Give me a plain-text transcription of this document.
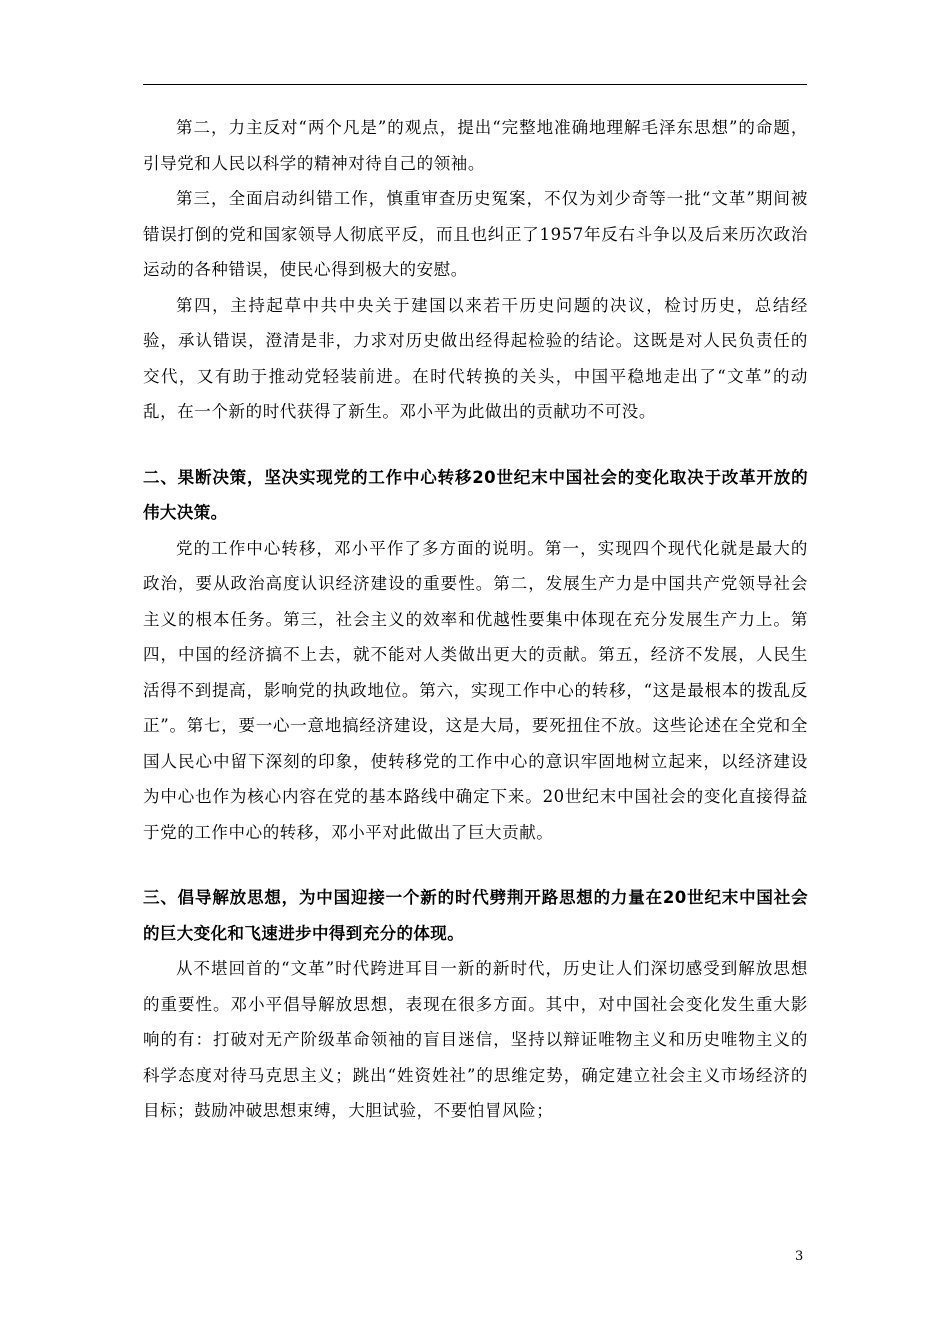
第二，力主反对“两个凡是”的观点，提出“完整地准确地理解毛泽东思想”的命题，引导党和人民以科学的精神对待自己的领袖。

第三，全面启动纠错工作，慎重审查历史冤案，不仅为刘少奇等一批“文革”期间被错误打倒的党和国家领导人彻底平反，而且也纠正了1957年反右斗争以及后来历次政治运动的各种错误，使民心得到极大的安慰。

第四，主持起草中共中央关于建国以来若干历史问题的决议，检讨历史，总结经验，承认错误，澄清是非，力求对历史做出经得起检验的结论。这既是对人民负责任的交代，又有助于推动党轻装前进。在时代转换的关头，中国平稳地走出了“文革”的动乱，在一个新的时代获得了新生。邓小平为此做出的贡献功不可没。

二、果断决策，坚决实现党的工作中心转移20世纪末中国社会的变化取决于改革开放的伟大决策。

党的工作中心转移，邓小平作了多方面的说明。第一，实现四个现代化就是最大的政治，要从政治高度认识经济建设的重要性。第二，发展生产力是中国共产党领导社会主义的根本任务。第三，社会主义的效率和优越性要集中体现在充分发展生产力上。第四，中国的经济搞不上去，就不能对人类做出更大的贡献。第五，经济不发展，人民生活得不到提高，影响党的执政地位。第六，实现工作中心的转移，“这是最根本的拨乱反正”。第七，要一心一意地搞经济建设，这是大局，要死扭住不放。这些论述在全党和全国人民心中留下深刻的印象，使转移党的工作中心的意识牢固地树立起来，以经济建设为中心也作为核心内容在党的基本路线中确定下来。20世纪末中国社会的变化直接得益于党的工作中心的转移，邓小平对此做出了巨大贡献。

三、倡导解放思想，为中国迎接一个新的时代劈荆开路思想的力量在20世纪末中国社会的巨大变化和飞速进步中得到充分的体现。

从不堪回首的“文革”时代跨进耳目一新的新时代，历史让人们深切感受到解放思想的重要性。邓小平倡导解放思想，表现在很多方面。其中，对中国社会变化发生重大影响的有：打破对无产阶级革命领袖的盲目迷信，坚持以辩证唯物主义和历史唯物主义的科学态度对待马克思主义；跳出“姓资姓社”的思维定势，确定建立社会主义市场经济的目标；鼓励冲破思想束缚，大胆试验，不要怕冒风险；

3
